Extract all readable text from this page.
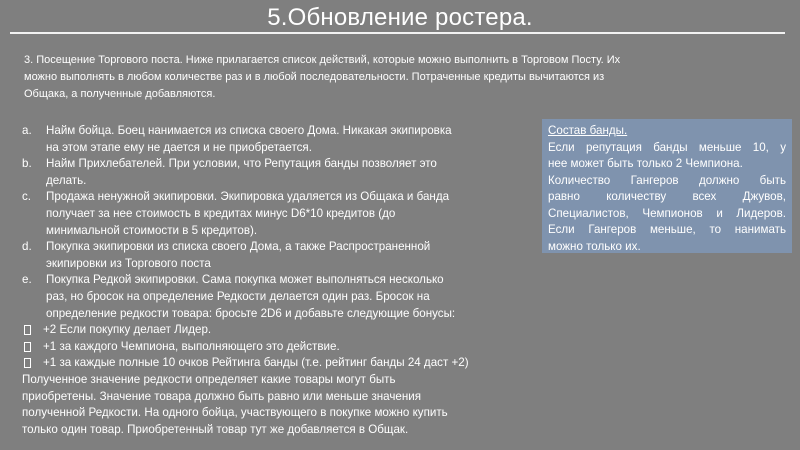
5.Обновление ростера.
3. Посещение Торгового поста. Ниже прилагается список действий, которые можно выполнить в Торговом Посту. Их
можно выполнять в любом количестве раз и в любой последовательности. Потраченные кредиты вычитаются из
Общака, а полученные добавляются.
a.	Найм бойца. Боец нанимается из списка своего Дома. Никакая экипировка
на этом этапе ему не дается и не приобретается.
b.	Найм Прихлебателей. При условии, что Репутация банды позволяет это
делать.
c.	Продажа ненужной экипировки. Экипировка удаляется из Общака и банда
получает за нее стоимость в кредитах минус D6*10 кредитов (до
минимальной стоимости в 5 кредитов).
d.	Покупка экипировки из списка своего Дома, а также Распространенной
экипировки из Торгового поста
e.	Покупка Редкой экипировки. Сама покупка может выполняться несколько
раз, но бросок на определение Редкости делается один раз. Бросок на
определение редкости товара: бросьте 2D6 и добавьте следующие бонусы:
+2 Если покупку делает Лидер.
+1 за каждого Чемпиона, выполняющего это действие.
+1 за каждые полные 10 очков Рейтинга банды (т.е. рейтинг банды 24 даст +2)
Полученное значение редкости определяет какие товары могут быть
приобретены. Значение товара должно быть равно или меньше значения
полученной Редкости. На одного бойца, участвующего в покупке можно купить
только один товар. Приобретенный товар тут же добавляется в Общак.
Состав банды.
Если репутация банды меньше 10, у
нее может быть только 2 Чемпиона.
Количество Гангеров должно быть
равно количеству всех Джувов,
Специалистов, Чемпионов и Лидеров.
Если Гангеров меньше, то нанимать
можно только их.
